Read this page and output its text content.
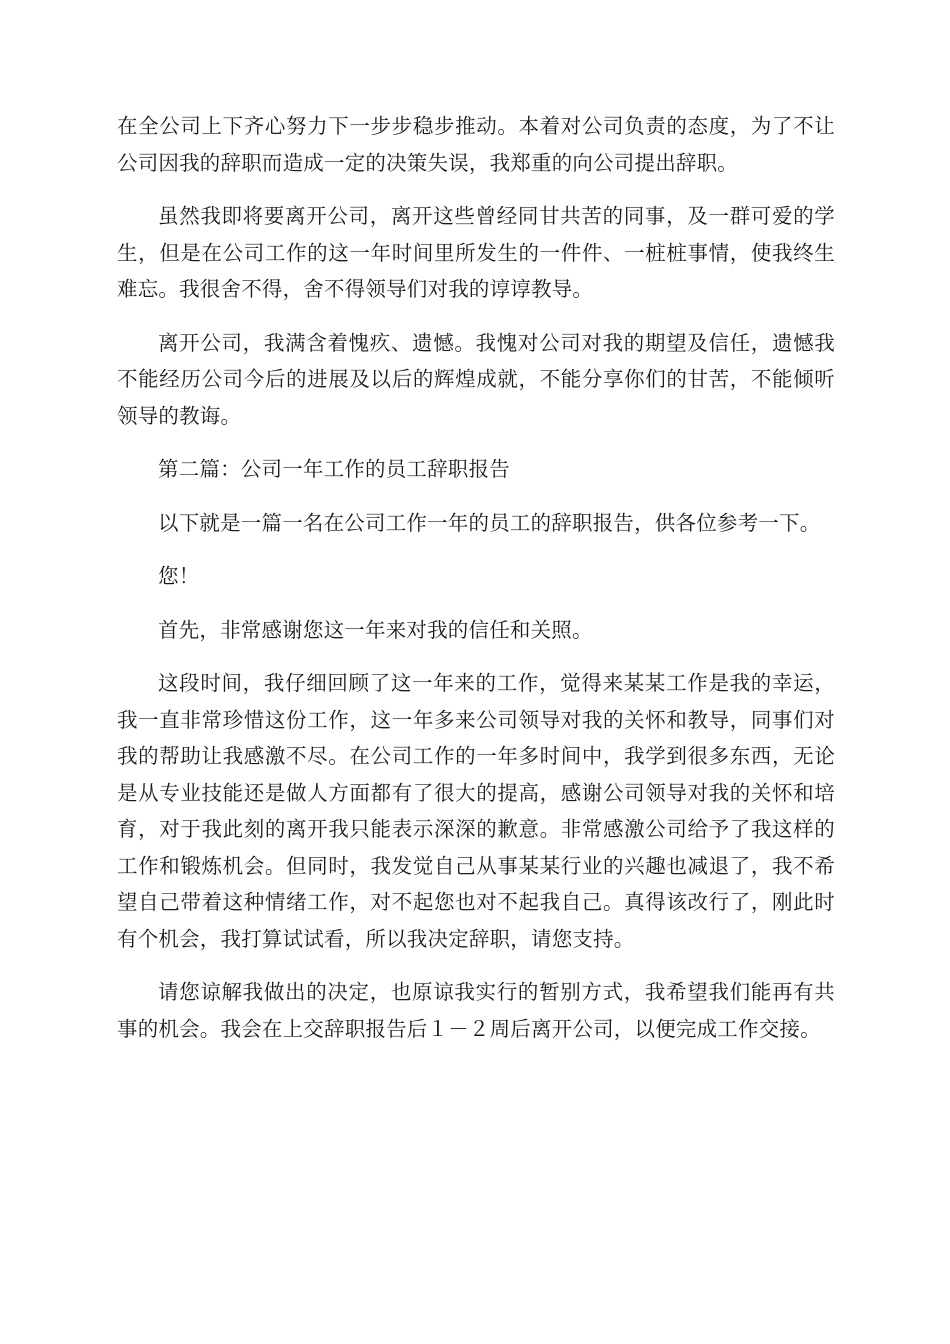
在全公司上下齐心努力下一步步稳步推动。本着对公司负责的态度，为了不让公司因我的辞职而造成一定的决策失误，我郑重的向公司提出辞职。

虽然我即将要离开公司，离开这些曾经同甘共苦的同事，及一群可爱的学生，但是在公司工作的这一年时间里所发生的一件件、一桩桩事情，使我终生难忘。我很舍不得，舍不得领导们对我的谆谆教导。

离开公司，我满含着愧疚、遗憾。我愧对公司对我的期望及信任，遗憾我不能经历公司今后的进展及以后的辉煌成就，不能分享你们的甘苦，不能倾听领导的教诲。

第二篇：公司一年工作的员工辞职报告

以下就是一篇一名在公司工作一年的员工的辞职报告，供各位参考一下。

您！

首先，非常感谢您这一年来对我的信任和关照。

这段时间，我仔细回顾了这一年来的工作，觉得来某某工作是我的幸运，我一直非常珍惜这份工作，这一年多来公司领导对我的关怀和教导，同事们对我的帮助让我感激不尽。在公司工作的一年多时间中，我学到很多东西，无论是从专业技能还是做人方面都有了很大的提高，感谢公司领导对我的关怀和培育，对于我此刻的离开我只能表示深深的歉意。非常感激公司给予了我这样的工作和锻炼机会。但同时，我发觉自己从事某某行业的兴趣也减退了，我不希望自己带着这种情绪工作，对不起您也对不起我自己。真得该改行了，刚此时有个机会，我打算试试看，所以我决定辞职，请您支持。

请您谅解我做出的决定，也原谅我实行的暂别方式，我希望我们能再有共事的机会。我会在上交辞职报告后１－２周后离开公司，以便完成工作交接。
